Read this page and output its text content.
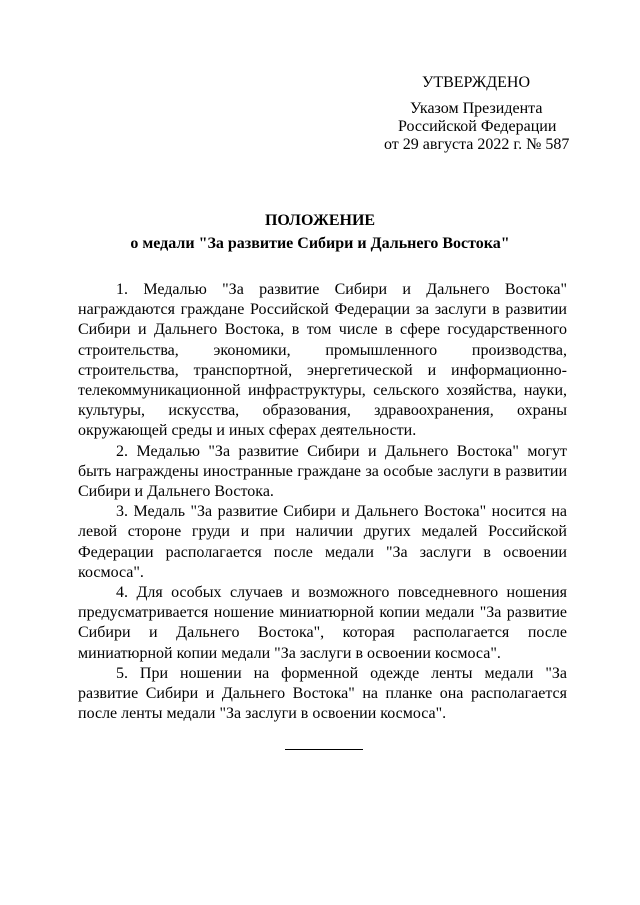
УТВЕРЖДЕНО
Указом Президента
Российской Федерации
от 29 августа 2022 г. № 587
ПОЛОЖЕНИЕ
о медали "За развитие Сибири и Дальнего Востока"

1. Медалью "За развитие Сибири и Дальнего Востока" награждаются граждане Российской Федерации за заслуги в развитии Сибири и Дальнего Востока, в том числе в сфере государственного строительства, экономики, промышленного производства, строительства, транспортной, энергетической и информационно-телекоммуникационной инфраструктуры, сельского хозяйства, науки, культуры, искусства, образования, здравоохранения, охраны окружающей среды и иных сферах деятельности.

2. Медалью "За развитие Сибири и Дальнего Востока" могут быть награждены иностранные граждане за особые заслуги в развитии Сибири и Дальнего Востока.

3. Медаль "За развитие Сибири и Дальнего Востока" носится на левой стороне груди и при наличии других медалей Российской Федерации располагается после медали "За заслуги в освоении космоса".

4. Для особых случаев и возможного повседневного ношения предусматривается ношение миниатюрной копии медали "За развитие Сибири и Дальнего Востока", которая располагается после миниатюрной копии медали "За заслуги в освоении космоса".

5. При ношении на форменной одежде ленты медали "За развитие Сибири и Дальнего Востока" на планке она располагается после ленты медали "За заслуги в освоении космоса".
